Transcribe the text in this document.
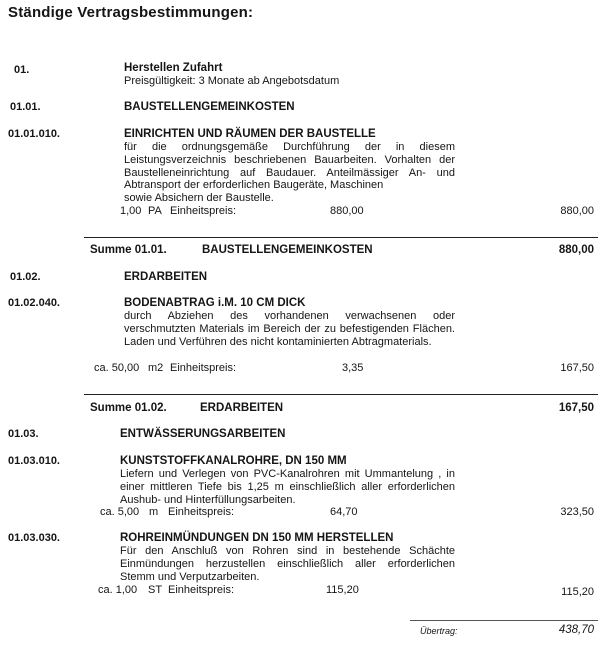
Ständige Vertragsbestimmungen:
01.	Herstellen Zufahrt
Preisgültigkeit: 3 Monate ab Angebotsdatum
01.01.	BAUSTELLENGEMEINKOSTEN
01.01.010.	EINRICHTEN UND RÄUMEN DER BAUSTELLE
für die ordnungsgemäße Durchführung der in diesem Leistungsverzeichnis beschriebenen Bauarbeiten. Vorhalten der Baustelleneinrichtung auf Baudauer. Anteilmässiger An- und Abtransport der erforderlichen Baugeräte, Maschinen
sowie Absichern der Baustelle.
1,00 PA Einheitspreis:	880,00	880,00
Summe 01.01.	BAUSTELLENGEMEINKOSTEN	880,00
01.02.	ERDARBEITEN
01.02.040.	BODENABTRAG i.M. 10 CM DICK
durch Abziehen des vorhandenen verwachsenen oder verschmutzten Materials im Bereich der zu befestigenden Flächen. Laden und Verführen des nicht kontaminierten Abtragmaterials.
ca. 50,00 m2 Einheitspreis:	3,35	167,50
Summe 01.02.	ERDARBEITEN	167,50
01.03.	ENTWÄSSERUNGSARBEITEN
01.03.010.	KUNSTSTOFFKANALROHRE, DN 150 MM
Liefern und Verlegen von PVC-Kanalrohren mit Ummantelung , in einer mittleren Tiefe bis 1,25 m einschließlich aller erforderlichen Aushub- und Hinterfüllungsarbeiten.
ca. 5,00 m Einheitspreis:	64,70	323,50
01.03.030.	ROHREINMÜNDUNGEN DN 150 MM HERSTELLEN
Für den Anschluß von Rohren sind in bestehende Schächte Einmündungen herzustellen einschließlich aller erforderlichen Stemm und Verputzarbeiten.
ca. 1,00 ST Einheitspreis:	115,20	115,20
Übertrag:	438,70
